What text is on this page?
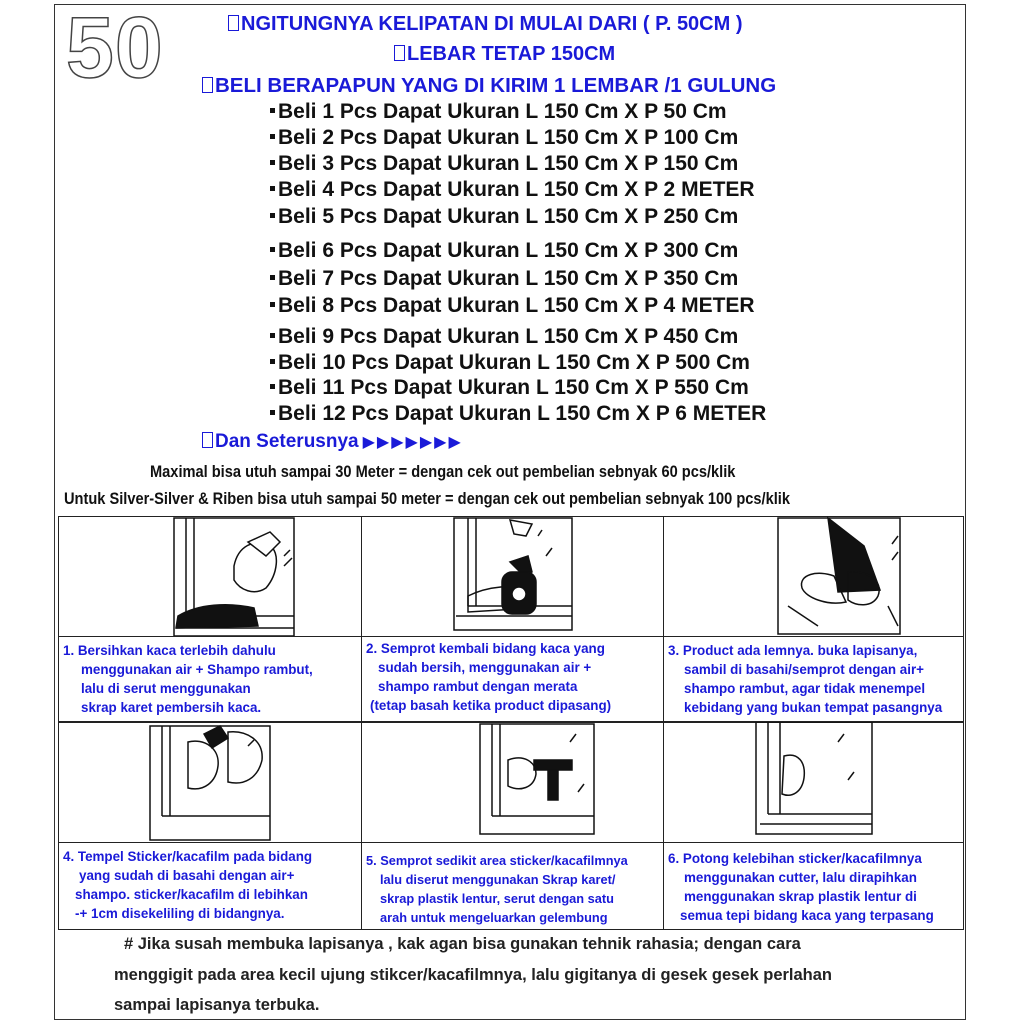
50	NGITUNGNYA KELIPATAN DI MULAI DARI ( P. 50CM )
LEBAR TETAP 150CM
BELI BERAPAPUN YANG DI KIRIM 1 LEMBAR /1 GULUNG
Beli 1 Pcs Dapat Ukuran L 150 Cm X P 50 Cm
Beli 2 Pcs Dapat Ukuran L 150 Cm X P 100 Cm
Beli 3 Pcs Dapat Ukuran L 150 Cm X P 150 Cm
Beli 4 Pcs Dapat Ukuran L 150 Cm X P 2 METER
Beli 5 Pcs Dapat Ukuran L 150 Cm X P 250 Cm
Beli 6 Pcs Dapat Ukuran L 150 Cm X P 300 Cm
Beli 7 Pcs Dapat Ukuran L 150 Cm X P 350 Cm
Beli 8 Pcs Dapat Ukuran L 150 Cm X P 4 METER
Beli 9 Pcs Dapat Ukuran L 150 Cm X P 450 Cm
Beli 10 Pcs Dapat Ukuran L 150 Cm X P 500 Cm
Beli 11 Pcs Dapat Ukuran L 150 Cm X P 550 Cm
Beli 12 Pcs Dapat Ukuran L 150 Cm X P 6 METER
Dan Seterusnya ▶▶▶▶▶▶▶
Maximal bisa utuh sampai 30 Meter = dengan cek out pembelian sebnyak 60 pcs/klik
Untuk Silver-Silver & Riben bisa utuh sampai 50 meter = dengan cek out pembelian sebnyak 100 pcs/klik

1. Bersihkan kaca terlebih dahulu

menggunakan air + Shampo rambut,

lalu di serut menggunakan

skrap karet pembersih kaca.

2. Semprot kembali bidang kaca yang

sudah bersih, menggunakan air +

shampo rambut dengan merata

(tetap basah ketika product dipasang)

3. Product ada lemnya. buka lapisanya,

sambil di basahi/semprot dengan air+

shampo rambut, agar tidak menempel

kebidang yang bukan tempat pasangnya

4. Tempel Sticker/kacafilm pada bidang

yang sudah di basahi dengan air+

shampo. sticker/kacafilm di lebihkan

-+ 1cm disekeliling di bidangnya.

5. Semprot sedikit area sticker/kacafilmnya

lalu diserut menggunakan Skrap karet/

skrap plastik lentur, serut dengan satu

arah untuk mengeluarkan gelembung

6. Potong kelebihan sticker/kacafilmnya

menggunakan cutter, lalu dirapihkan

menggunakan skrap plastik lentur di

semua tepi bidang kaca yang terpasang

# Jika susah membuka lapisanya , kak agan bisa gunakan tehnik rahasia; dengan cara
menggigit pada area kecil ujung stikcer/kacafilmnya, lalu gigitanya di gesek gesek perlahan
sampai lapisanya terbuka.
